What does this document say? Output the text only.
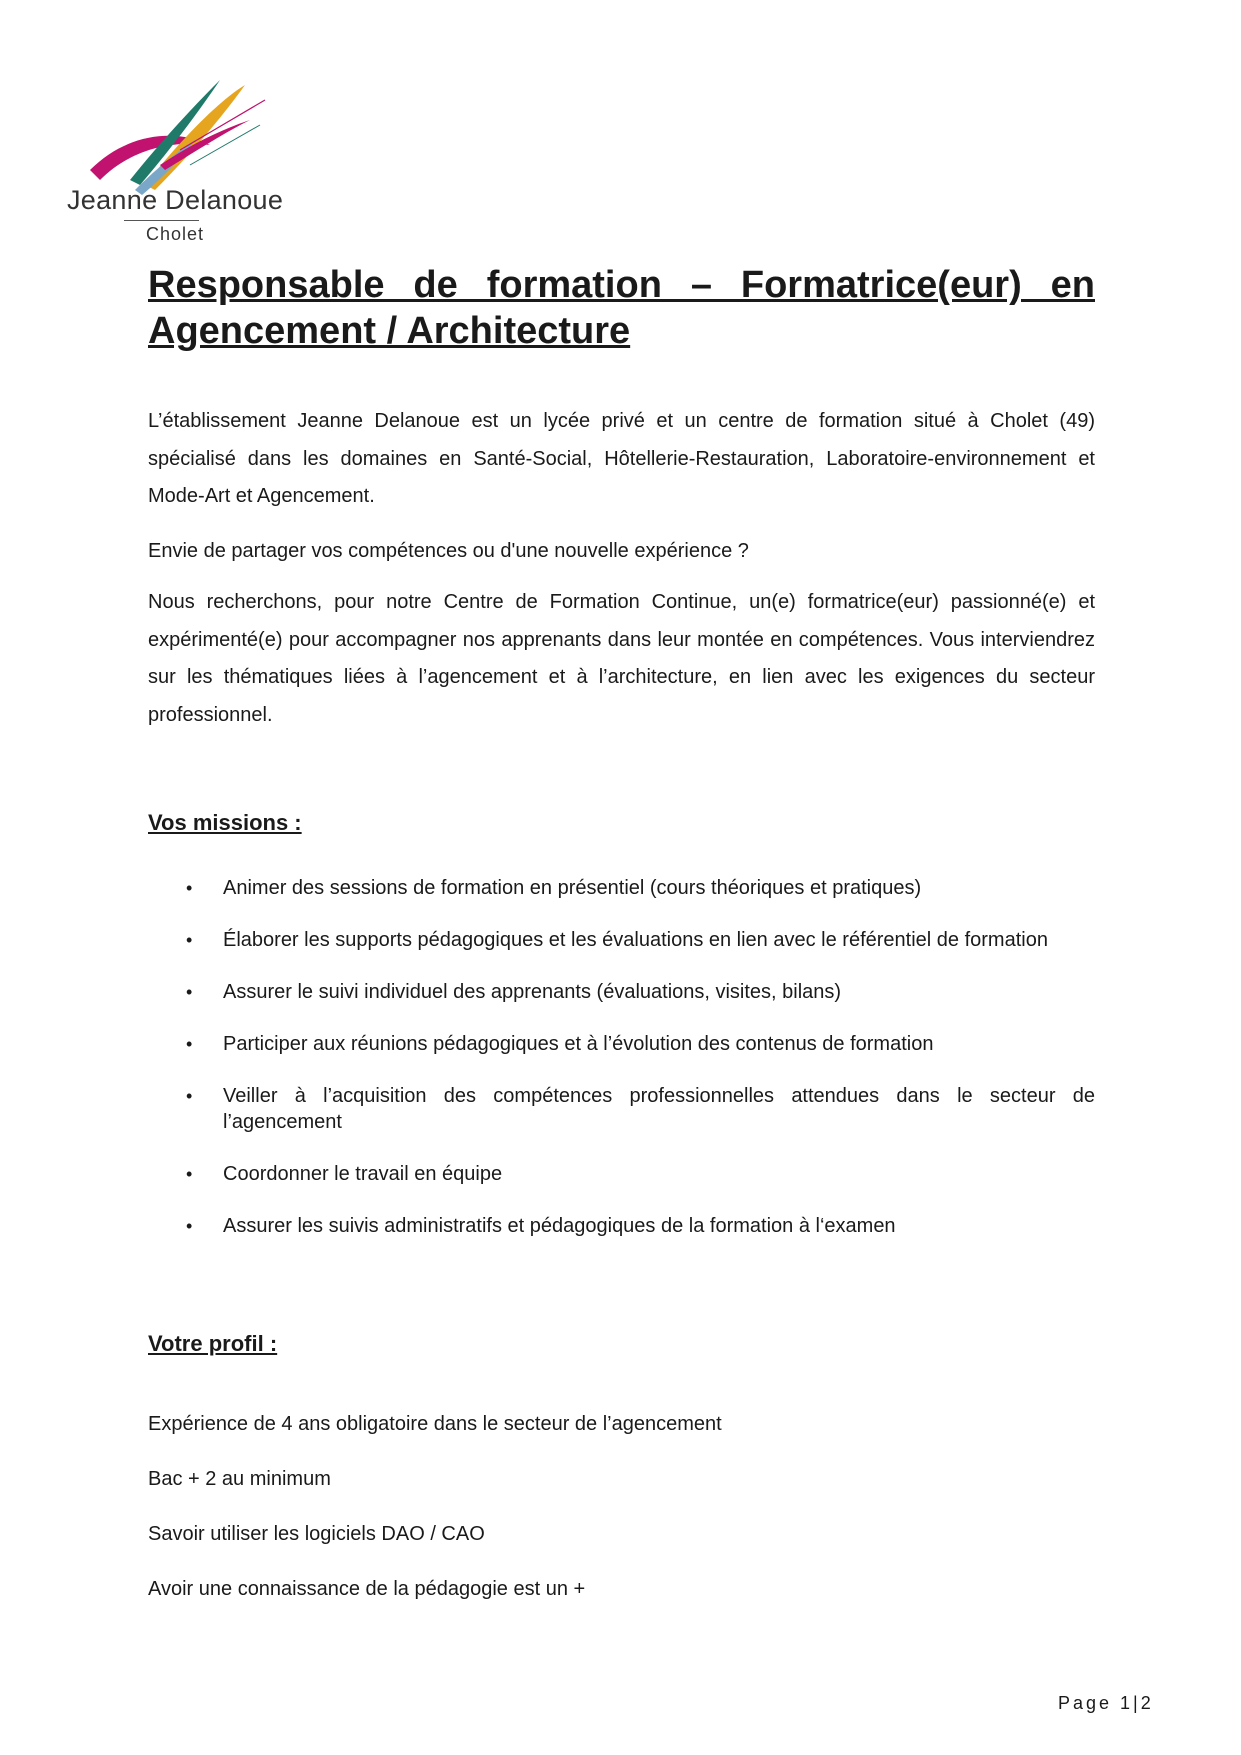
Jeanne Delanoue
Cholet
Responsable de formation – Formatrice(eur) en Agencement / Architecture

L’établissement Jeanne Delanoue est un lycée privé et un centre de formation situé à Cholet (49) spécialisé dans les domaines en Santé-Social, Hôtellerie-Restauration, Laboratoire-environnement et Mode-Art et Agencement.

Envie de partager vos compétences ou d'une nouvelle expérience ?

Nous recherchons, pour notre Centre de Formation Continue, un(e) formatrice(eur) passionné(e) et expérimenté(e) pour accompagner nos apprenants dans leur montée en compétences. Vous interviendrez sur les thématiques liées à l’agencement et à l’architecture, en lien avec les exigences du secteur professionnel.

Vos missions :
• Animer des sessions de formation en présentiel (cours théoriques et pratiques)
• Élaborer les supports pédagogiques et les évaluations en lien avec le référentiel de formation
• Assurer le suivi individuel des apprenants (évaluations, visites, bilans)
• Participer aux réunions pédagogiques et à l’évolution des contenus de formation
• Veiller à l’acquisition des compétences professionnelles attendues dans le secteur de l’agencement
• Coordonner le travail en équipe
• Assurer les suivis administratifs et pédagogiques de la formation à l‘examen
Votre profil :

Expérience de 4 ans obligatoire dans le secteur de l’agencement

Bac + 2 au minimum

Savoir utiliser les logiciels DAO / CAO

Avoir une connaissance de la pédagogie est un +

Page 1|2
